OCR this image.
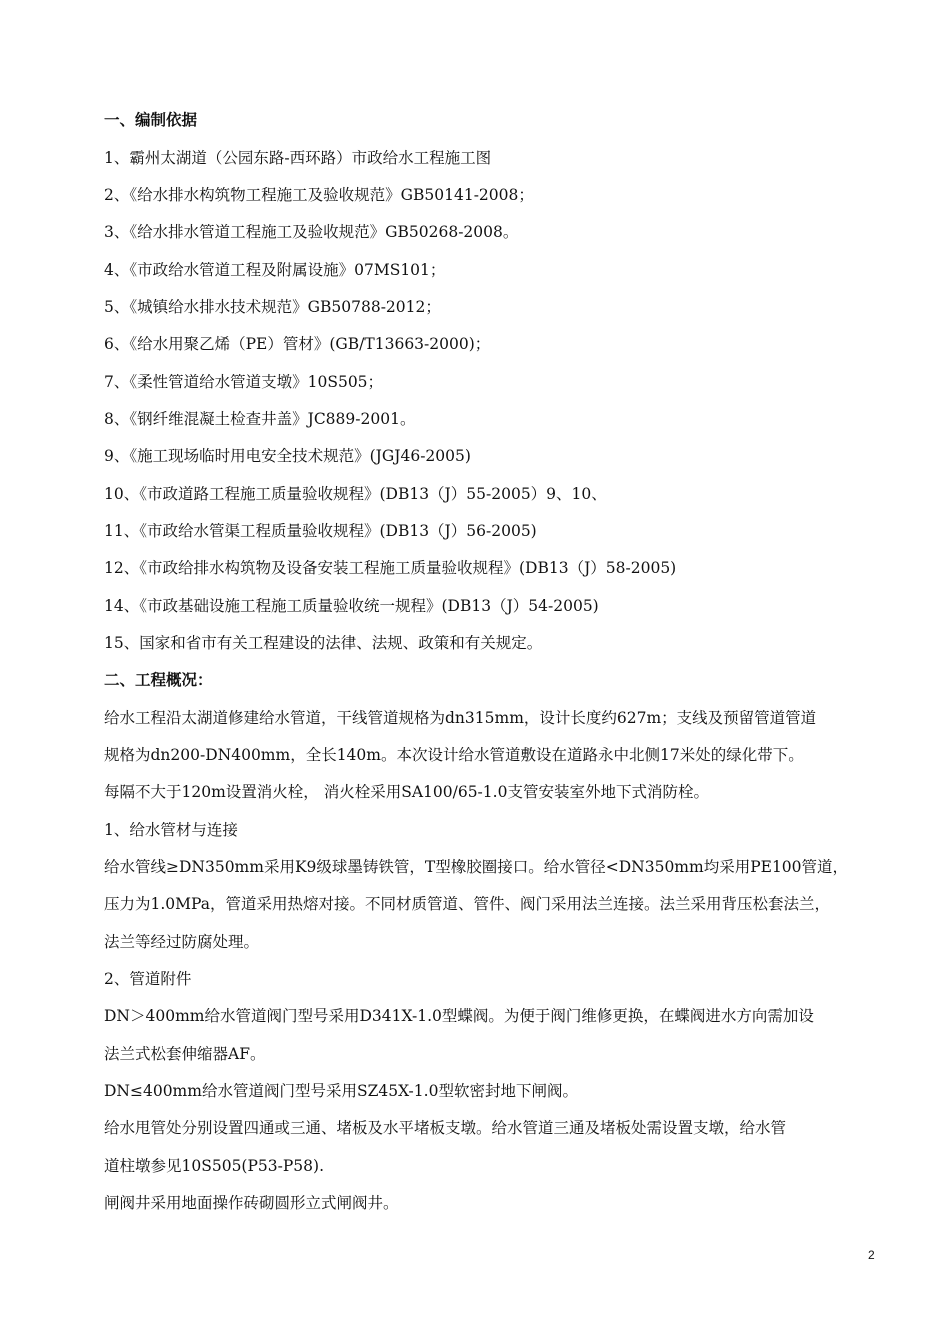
一、编制依据
1、霸州太湖道（公园东路-西环路）市政给水工程施工图
2、《给水排水构筑物工程施工及验收规范》GB50141-2008；
3、《给水排水管道工程施工及验收规范》GB50268-2008。
4、《市政给水管道工程及附属设施》07MS101；
5、《城镇给水排水技术规范》GB50788-2012；
6、《给水用聚乙烯（PE）管材》(GB/T13663-2000)；
7、《柔性管道给水管道支墩》10S505；
8、《钢纤维混凝土检查井盖》JC889-2001。
9、《施工现场临时用电安全技术规范》(JGJ46-2005)
10、《市政道路工程施工质量验收规程》(DB13（J）55-2005）9、10、
11、《市政给水管渠工程质量验收规程》(DB13（J）56-2005)
12、《市政给排水构筑物及设备安装工程施工质量验收规程》(DB13（J）58-2005)
14、《市政基础设施工程施工质量验收统一规程》(DB13（J）54-2005)
15、国家和省市有关工程建设的法律、法规、政策和有关规定。
二、工程概况：
给水工程沿太湖道修建给水管道，干线管道规格为dn315mm，设计长度约627m；支线及预留管道管道
规格为dn200-DN400mm，全长140m。本次设计给水管道敷设在道路永中北侧17米处的绿化带下。
每隔不大于120m设置消火栓， 消火栓采用SA100/65-1.0支管安装室外地下式消防栓。
1、给水管材与连接
给水管线≥DN350mm采用K9级球墨铸铁管，T型橡胶圈接口。给水管径<DN350mm均采用PE100管道，
压力为1.0MPa，管道采用热熔对接。不同材质管道、管件、阀门采用法兰连接。法兰采用背压松套法兰，
法兰等经过防腐处理。
2、管道附件
DN＞400mm给水管道阀门型号采用D341X-1.0型蝶阀。为便于阀门维修更换，在蝶阀进水方向需加设
法兰式松套伸缩器AF。
DN≤400mm给水管道阀门型号采用SZ45X-1.0型软密封地下闸阀。
给水甩管处分别设置四通或三通、堵板及水平堵板支墩。给水管道三通及堵板处需设置支墩，给水管
道柱墩参见10S505(P53-P58).
闸阀井采用地面操作砖砌圆形立式闸阀井。
2
